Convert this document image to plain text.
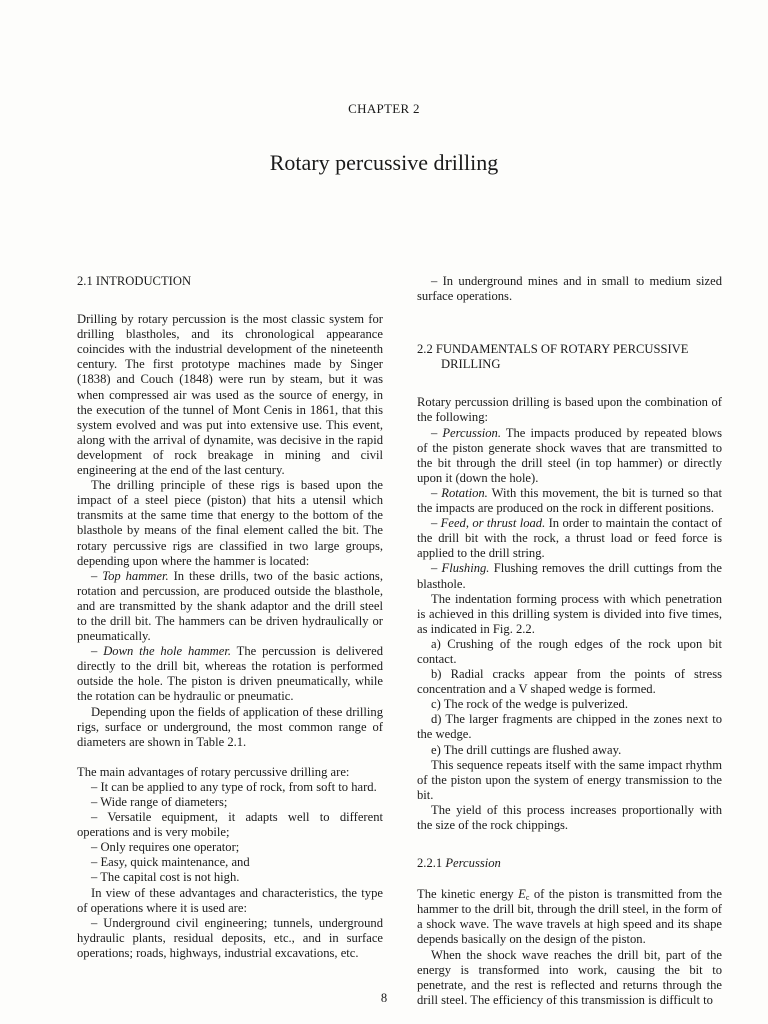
CHAPTER 2
Rotary percussive drilling
2.1 INTRODUCTION

Drilling by rotary percussion is the most classic system for drilling blastholes, and its chronological appearance coincides with the industrial development of the nineteenth century. The first prototype machines made by Singer (1838) and Couch (1848) were run by steam, but it was when compressed air was used as the source of energy, in the execution of the tunnel of Mont Cenis in 1861, that this system evolved and was put into extensive use. This event, along with the arrival of dynamite, was decisive in the rapid development of rock breakage in mining and civil engineering at the end of the last century.

The drilling principle of these rigs is based upon the impact of a steel piece (piston) that hits a utensil which transmits at the same time that energy to the bottom of the blasthole by means of the final element called the bit. The rotary percussive rigs are classified in two large groups, depending upon where the hammer is located:

– Top hammer. In these drills, two of the basic actions, rotation and percussion, are produced outside the blasthole, and are transmitted by the shank adaptor and the drill steel to the drill bit. The hammers can be driven hydraulically or pneumatically.

– Down the hole hammer. The percussion is delivered directly to the drill bit, whereas the rotation is performed outside the hole. The piston is driven pneumatically, while the rotation can be hydraulic or pneumatic.

Depending upon the fields of application of these drilling rigs, surface or underground, the most common range of diameters are shown in Table 2.1.

The main advantages of rotary percussive drilling are:

– It can be applied to any type of rock, from soft to hard.

– Wide range of diameters;

– Versatile equipment, it adapts well to different operations and is very mobile;

– Only requires one operator;

– Easy, quick maintenance, and

– The capital cost is not high.

In view of these advantages and characteristics, the type of operations where it is used are:

– Underground civil engineering; tunnels, underground hydraulic plants, residual deposits, etc., and in surface operations; roads, highways, industrial excavations, etc.

– In underground mines and in small to medium sized surface operations.

2.2 FUNDAMENTALS OF ROTARY PERCUSSIVE
DRILLING

Rotary percussion drilling is based upon the combination of the following:

– Percussion. The impacts produced by repeated blows of the piston generate shock waves that are transmitted to the bit through the drill steel (in top hammer) or directly upon it (down the hole).

– Rotation. With this movement, the bit is turned so that the impacts are produced on the rock in different positions.

– Feed, or thrust load. In order to maintain the contact of the drill bit with the rock, a thrust load or feed force is applied to the drill string.

– Flushing. Flushing removes the drill cuttings from the blasthole.

The indentation forming process with which penetration is achieved in this drilling system is divided into five times, as indicated in Fig. 2.2.

a) Crushing of the rough edges of the rock upon bit contact.

b) Radial cracks appear from the points of stress concentration and a V shaped wedge is formed.

c) The rock of the wedge is pulverized.

d) The larger fragments are chipped in the zones next to the wedge.

e) The drill cuttings are flushed away.

This sequence repeats itself with the same impact rhythm of the piston upon the system of energy transmission to the bit.

The yield of this process increases proportionally with the size of the rock chippings.

2.2.1 Percussion

The kinetic energy $E_c$ of the piston is transmitted from the hammer to the drill bit, through the drill steel, in the form of a shock wave. The wave travels at high speed and its shape depends basically on the design of the piston.

When the shock wave reaches the drill bit, part of the energy is transformed into work, causing the bit to penetrate, and the rest is reflected and returns through the drill steel. The efficiency of this transmission is difficult to

8
